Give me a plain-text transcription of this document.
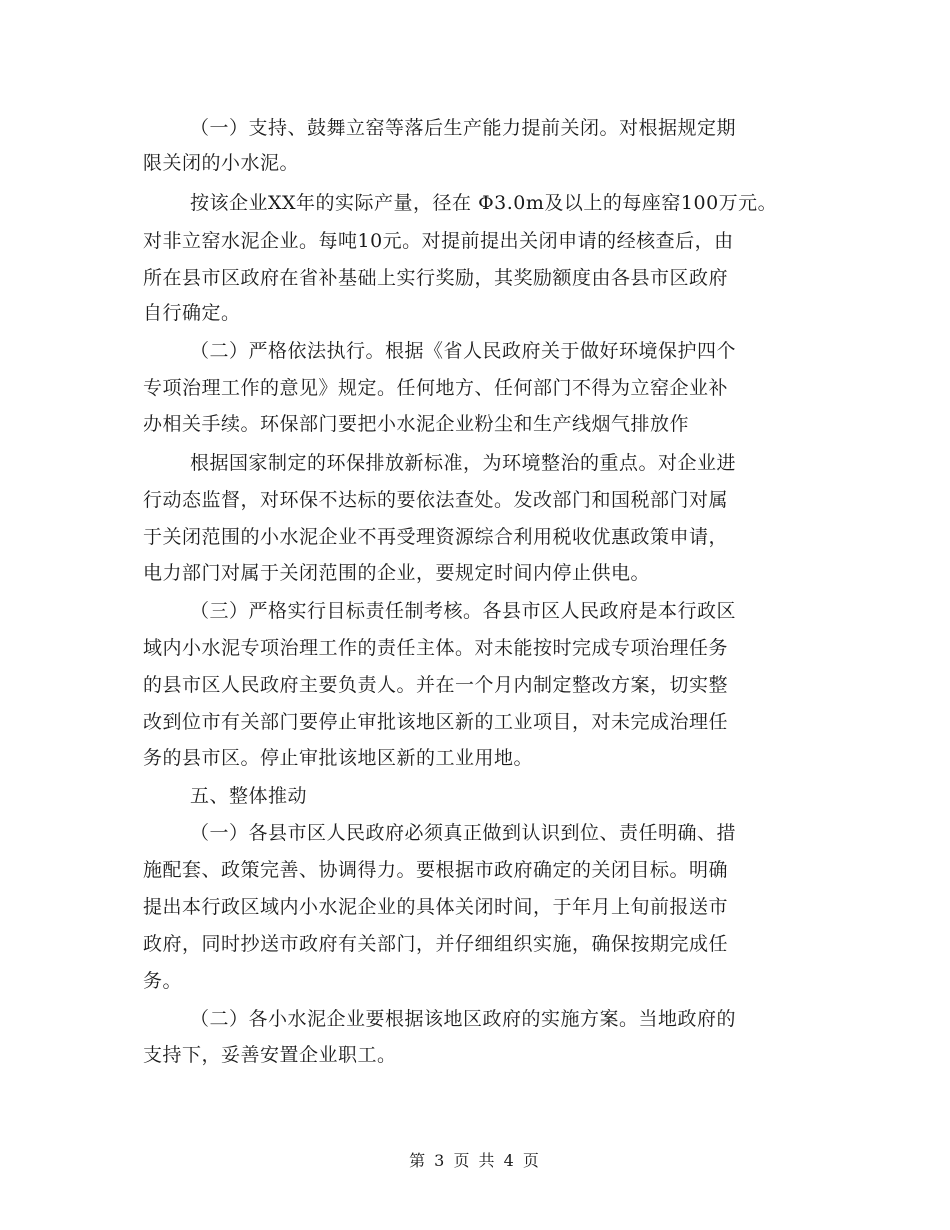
（一）支持、鼓舞立窑等落后生产能力提前关闭。对根据规定期
限关闭的小水泥。
按该企业XX年的实际产量，径在 Φ3.0m及以上的每座窑100万元。
对非立窑水泥企业。每吨10元。对提前提出关闭申请的经核查后，由
所在县市区政府在省补基础上实行奖励，其奖励额度由各县市区政府
自行确定。
（二）严格依法执行。根据《省人民政府关于做好环境保护四个
专项治理工作的意见》规定。任何地方、任何部门不得为立窑企业补
办相关手续。环保部门要把小水泥企业粉尘和生产线烟气排放作
根据国家制定的环保排放新标准，为环境整治的重点。对企业进
行动态监督，对环保不达标的要依法查处。发改部门和国税部门对属
于关闭范围的小水泥企业不再受理资源综合利用税收优惠政策申请，
电力部门对属于关闭范围的企业，要规定时间内停止供电。
（三）严格实行目标责任制考核。各县市区人民政府是本行政区
域内小水泥专项治理工作的责任主体。对未能按时完成专项治理任务
的县市区人民政府主要负责人。并在一个月内制定整改方案，切实整
改到位市有关部门要停止审批该地区新的工业项目，对未完成治理任
务的县市区。停止审批该地区新的工业用地。
五、整体推动
（一）各县市区人民政府必须真正做到认识到位、责任明确、措
施配套、政策完善、协调得力。要根据市政府确定的关闭目标。明确
提出本行政区域内小水泥企业的具体关闭时间，于年月上旬前报送市
政府，同时抄送市政府有关部门，并仔细组织实施，确保按期完成任
务。
（二）各小水泥企业要根据该地区政府的实施方案。当地政府的
支持下，妥善安置企业职工。
第 3 页 共 4 页
